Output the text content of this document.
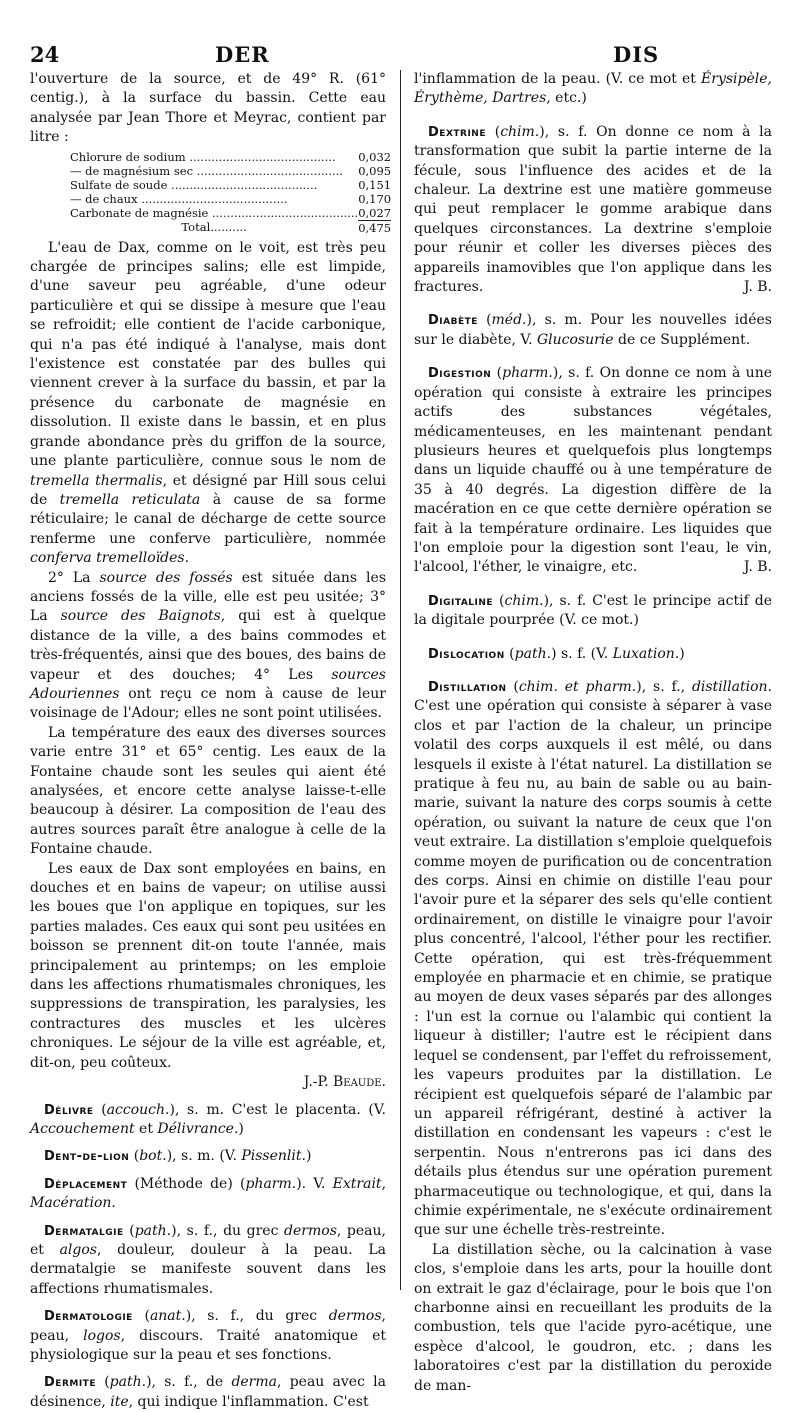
24	DER	DIS

l'ouverture de la source, et de 49° R. (61° centig.), à la surface du bassin. Cette eau analysée par Jean Thore et Meyrac, contient par litre :

Chlorure de sodium ........................................	0,032
— de magnésium sec ........................................	0,095
Sulfate de soude ........................................	0,151
— de chaux ........................................	0,170
Carbonate de magnésie ........................................	0,027
Total..........	0,475

L'eau de Dax, comme on le voit, est très peu chargée de principes salins; elle est limpide, d'une saveur peu agréable, d'une odeur particulière et qui se dissipe à mesure que l'eau se refroidit; elle contient de l'acide carbonique, qui n'a pas été indiqué à l'analyse, mais dont l'existence est constatée par des bulles qui viennent crever à la surface du bassin, et par la présence du carbonate de magnésie en dissolution. Il existe dans le bassin, et en plus grande abondance près du griffon de la source, une plante particulière, connue sous le nom de tremella thermalis, et désigné par Hill sous celui de tremella reticulata à cause de sa forme réticulaire; le canal de décharge de cette source renferme une conferve particulière, nommée conferva tremelloïdes.

2° La source des fossés est située dans les anciens fossés de la ville, elle est peu usitée; 3° La source des Baignots, qui est à quelque distance de la ville, a des bains commodes et très-fréquentés, ainsi que des boues, des bains de vapeur et des douches; 4° Les sources Adouriennes ont reçu ce nom à cause de leur voisinage de l'Adour; elles ne sont point utilisées.

La température des eaux des diverses sources varie entre 31° et 65° centig. Les eaux de la Fontaine chaude sont les seules qui aient été analysées, et encore cette analyse laisse-t-elle beaucoup à désirer. La composition de l'eau des autres sources paraît être analogue à celle de la Fontaine chaude.

Les eaux de Dax sont employées en bains, en douches et en bains de vapeur; on utilise aussi les boues que l'on applique en topiques, sur les parties malades. Ces eaux qui sont peu usitées en boisson se prennent dit-on toute l'année, mais principalement au printemps; on les emploie dans les affections rhumatismales chroniques, les suppressions de transpiration, les paralysies, les contractures des muscles et les ulcères chroniques. Le séjour de la ville est agréable, et, dit-on, peu coûteux.

J.-P. Beaude.

Délivre (accouch.), s. m. C'est le placenta. (V. Accouchement et Délivrance.)

Dent-de-lion (bot.), s. m. (V. Pissenlit.)

Déplacement (Méthode de) (pharm.). V. Extrait, Macération.

Dermatalgie (path.), s. f., du grec dermos, peau, et algos, douleur, douleur à la peau. La dermatalgie se manifeste souvent dans les affections rhumatismales.

Dermatologie (anat.), s. f., du grec dermos, peau, logos, discours. Traité anatomique et physiologique sur la peau et ses fonctions.

Dermite (path.), s. f., de derma, peau avec la désinence, ite, qui indique l'inflammation. C'est

l'inflammation de la peau. (V. ce mot et Érysipèle, Érythème, Dartres, etc.)

Dextrine (chim.), s. f. On donne ce nom à la transformation que subit la partie interne de la fécule, sous l'influence des acides et de la chaleur. La dextrine est une matière gommeuse qui peut remplacer le gomme arabique dans quelques circonstances. La dextrine s'emploie pour réunir et coller les diverses pièces des appareils inamovibles que l'on applique dans les fractures.	J. B.

Diabète (méd.), s. m. Pour les nouvelles idées sur le diabète, V. Glucosurie de ce Supplément.

Digestion (pharm.), s. f. On donne ce nom à une opération qui consiste à extraire les principes actifs des substances végétales, médicamenteuses, en les maintenant pendant plusieurs heures et quelquefois plus longtemps dans un liquide chauffé ou à une température de 35 à 40 degrés. La digestion diffère de la macération en ce que cette dernière opération se fait à la température ordinaire. Les liquides que l'on emploie pour la digestion sont l'eau, le vin, l'alcool, l'éther, le vinaigre, etc.	J. B.

Digitaline (chim.), s. f. C'est le principe actif de la digitale pourprée (V. ce mot.)

Dislocation (path.) s. f. (V. Luxation.)

Distillation (chim. et pharm.), s. f., distillation. C'est une opération qui consiste à séparer à vase clos et par l'action de la chaleur, un principe volatil des corps auxquels il est mêlé, ou dans lesquels il existe à l'état naturel. La distillation se pratique à feu nu, au bain de sable ou au bain-marie, suivant la nature des corps soumis à cette opération, ou suivant la nature de ceux que l'on veut extraire. La distillation s'emploie quelquefois comme moyen de purification ou de concentration des corps. Ainsi en chimie on distille l'eau pour l'avoir pure et la séparer des sels qu'elle contient ordinairement, on distille le vinaigre pour l'avoir plus concentré, l'alcool, l'éther pour les rectifier. Cette opération, qui est très-fréquemment employée en pharmacie et en chimie, se pratique au moyen de deux vases séparés par des allonges : l'un est la cornue ou l'alambic qui contient la liqueur à distiller; l'autre est le récipient dans lequel se condensent, par l'effet du refroissement, les vapeurs produites par la distillation. Le récipient est quelquefois séparé de l'alambic par un appareil réfrigérant, destiné à activer la distillation en condensant les vapeurs : c'est le serpentin. Nous n'entrerons pas ici dans des détails plus étendus sur une opération purement pharmaceutique ou technologique, et qui, dans la chimie expérimentale, ne s'exécute ordinairement que sur une échelle très-restreinte.

La distillation sèche, ou la calcination à vase clos, s'emploie dans les arts, pour la houille dont on extrait le gaz d'éclairage, pour le bois que l'on charbonne ainsi en recueillant les produits de la combustion, tels que l'acide pyro-acétique, une espèce d'alcool, le goudron, etc. ; dans les laboratoires c'est par la distillation du peroxide de man-
